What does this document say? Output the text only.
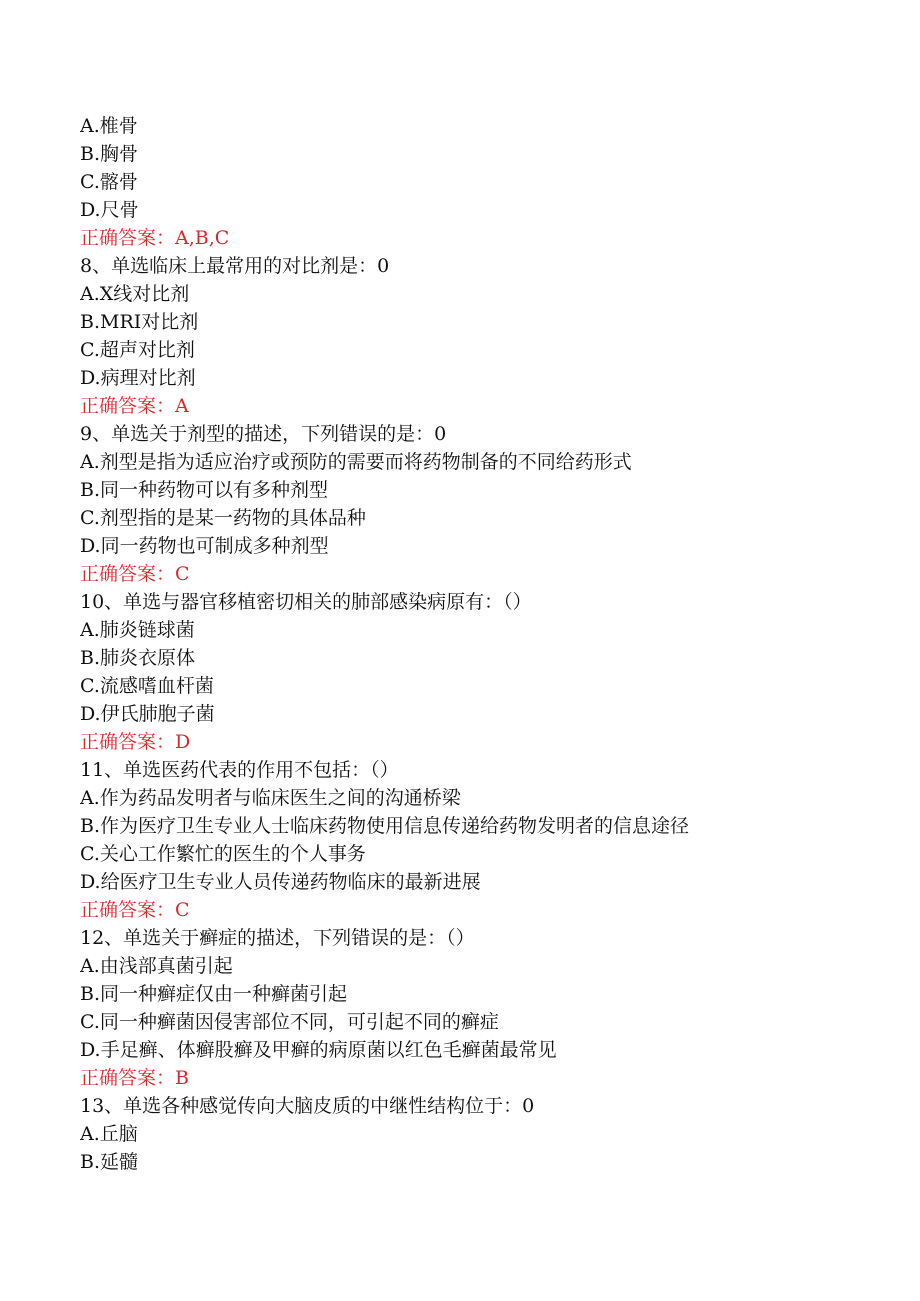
A.椎骨
B.胸骨
C.髂骨
D.尺骨
正确答案：A,B,C
8、单选临床上最常用的对比剂是：0
A.X线对比剂
B.MRI对比剂
C.超声对比剂
D.病理对比剂
正确答案：A
9、单选关于剂型的描述，下列错误的是：0
A.剂型是指为适应治疗或预防的需要而将药物制备的不同给药形式
B.同一种药物可以有多种剂型
C.剂型指的是某一药物的具体品种
D.同一药物也可制成多种剂型
正确答案：C
10、单选与器官移植密切相关的肺部感染病原有：（）
A.肺炎链球菌
B.肺炎衣原体
C.流感嗜血杆菌
D.伊氏肺胞子菌
正确答案：D
11、单选医药代表的作用不包括：（）
A.作为药品发明者与临床医生之间的沟通桥梁
B.作为医疗卫生专业人士临床药物使用信息传递给药物发明者的信息途径
C.关心工作繁忙的医生的个人事务
D.给医疗卫生专业人员传递药物临床的最新进展
正确答案：C
12、单选关于癣症的描述，下列错误的是：（）
A.由浅部真菌引起
B.同一种癣症仅由一种癣菌引起
C.同一种癣菌因侵害部位不同，可引起不同的癣症
D.手足癣、体癣股癣及甲癣的病原菌以红色毛癣菌最常见
正确答案：B
13、单选各种感觉传向大脑皮质的中继性结构位于：0
A.丘脑
B.延髓
